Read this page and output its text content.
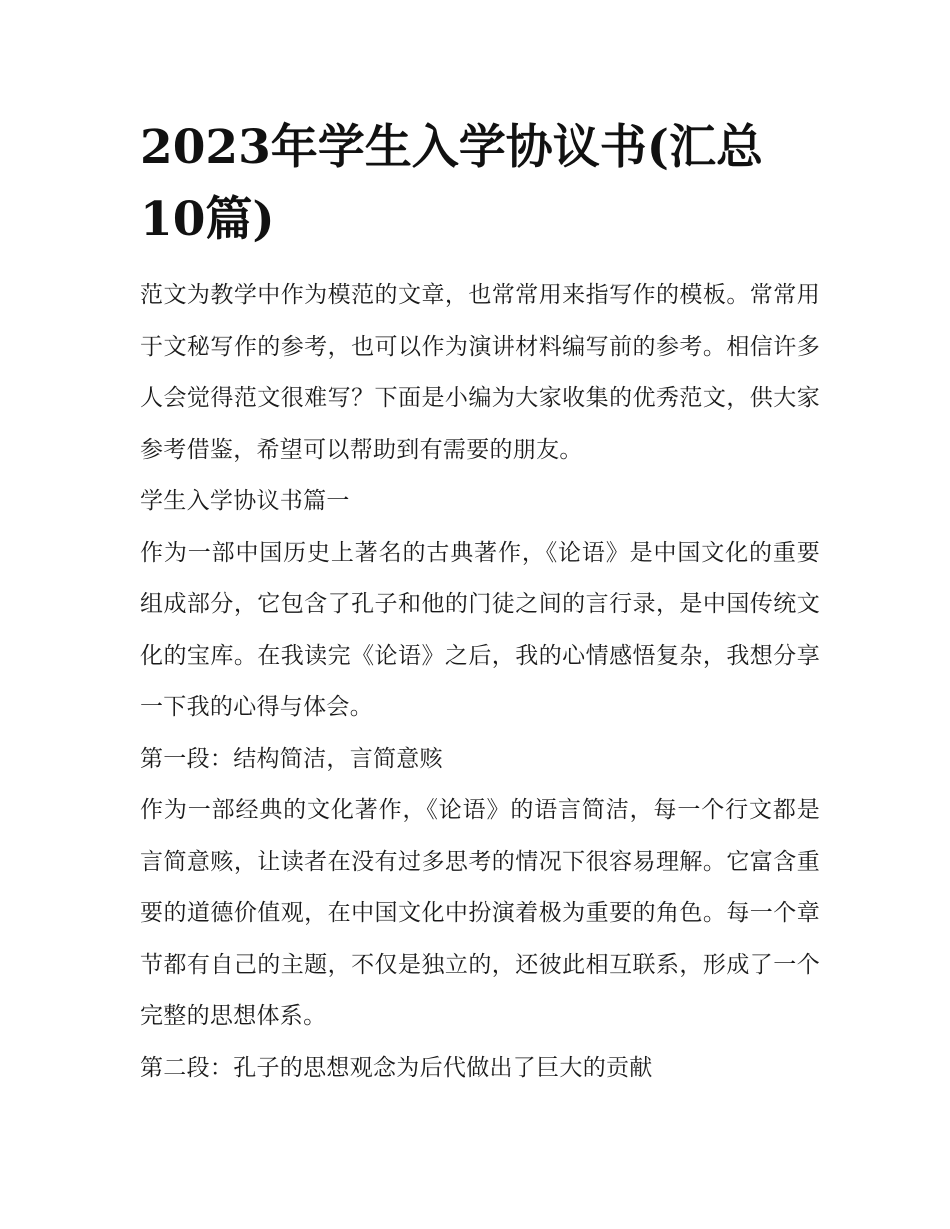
2023年学生入学协议书(汇总10篇)

范文为教学中作为模范的文章，也常常用来指写作的模板。常常用于文秘写作的参考，也可以作为演讲材料编写前的参考。相信许多人会觉得范文很难写？下面是小编为大家收集的优秀范文，供大家参考借鉴，希望可以帮助到有需要的朋友。

学生入学协议书篇一

作为一部中国历史上著名的古典著作，《论语》是中国文化的重要组成部分，它包含了孔子和他的门徒之间的言行录，是中国传统文化的宝库。在我读完《论语》之后，我的心情感悟复杂，我想分享一下我的心得与体会。

第一段：结构简洁，言简意赅

作为一部经典的文化著作，《论语》的语言简洁，每一个行文都是言简意赅，让读者在没有过多思考的情况下很容易理解。它富含重要的道德价值观，在中国文化中扮演着极为重要的角色。每一个章节都有自己的主题，不仅是独立的，还彼此相互联系，形成了一个完整的思想体系。

第二段：孔子的思想观念为后代做出了巨大的贡献
